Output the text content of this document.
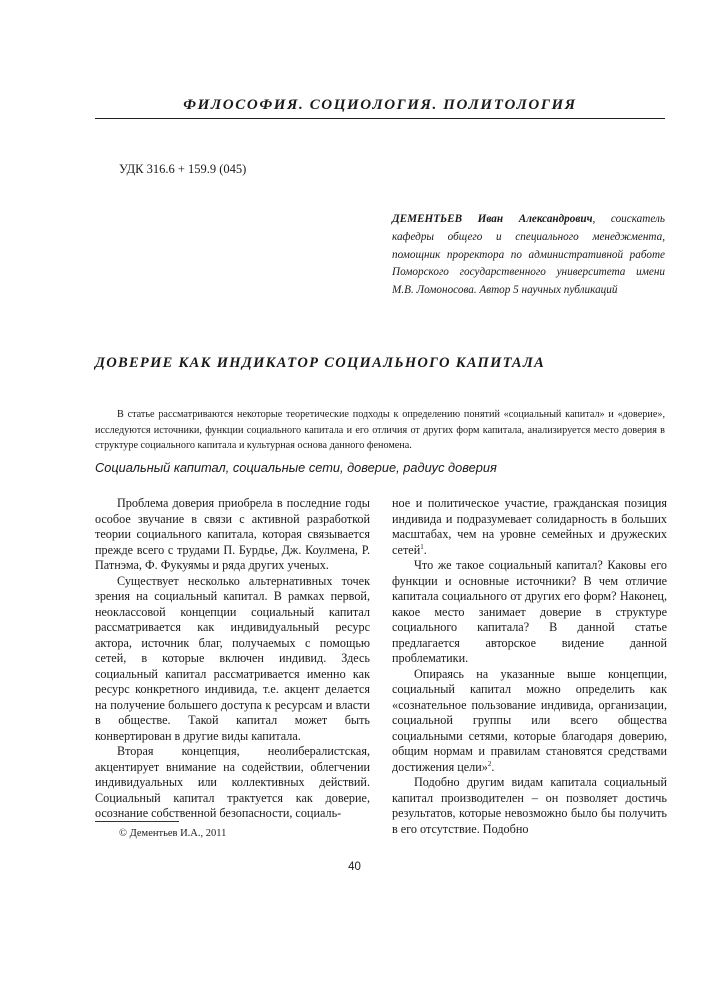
ФИЛОСОФИЯ. СОЦИОЛОГИЯ. ПОЛИТОЛОГИЯ
УДК 316.6 + 159.9 (045)
ДЕМЕНТЬЕВ Иван Александрович, соискатель кафедры общего и специального менеджмента, помощник проректора по административной работе Поморского государственного университета имени М.В. Ломоносова. Автор 5 научных публикаций
ДОВЕРИЕ КАК ИНДИКАТОР СОЦИАЛЬНОГО КАПИТАЛА
В статье рассматриваются некоторые теоретические подходы к определению понятий «социальный капитал» и «доверие», исследуются источники, функции социального капитала и его отличия от других форм капитала, анализируется место доверия в структуре социального капитала и культурная основа данного феномена.
Социальный капитал, социальные сети, доверие, радиус доверия

Проблема доверия приобрела в последние годы особое звучание в связи с активной разработкой теории социального капитала, которая связывается прежде всего с трудами П. Бурдье, Дж. Коулмена, Р. Патнэма, Ф. Фукуямы и ряда других ученых.

Существует несколько альтернативных точек зрения на социальный капитал. В рамках первой, неоклассовой концепции социальный капитал рассматривается как индивидуальный ресурс актора, источник благ, получаемых с помощью сетей, в которые включен индивид. Здесь социальный капитал рассматривается именно как ресурс конкретного индивида, т.е. акцент делается на получение большего доступа к ресурсам и власти в обществе. Такой капитал может быть конвертирован в другие виды капитала.

Вторая концепция, неолибералистская, акцентирует внимание на содействии, облегчении индивидуальных или коллективных действий. Социальный капитал трактуется как доверие, осознание собственной безопасности, социаль-

ное и политическое участие, гражданская позиция индивида и подразумевает солидарность в больших масштабах, чем на уровне семейных и дружеских сетей$^1$.

Что же такое социальный капитал? Каковы его функции и основные источники? В чем отличие капитала социального от других его форм? Наконец, какое место занимает доверие в структуре социального капитала? В данной статье предлагается авторское видение данной проблематики.

Опираясь на указанные выше концепции, социальный капитал можно определить как «сознательное пользование индивида, организации, социальной группы или всего общества социальными сетями, которые благодаря доверию, общим нормам и правилам становятся средствами достижения цели»$^2$.

Подобно другим видам капитала социальный капитал производителен – он позволяет достичь результатов, которые невозможно было бы получить в его отсутствие. Подобно

© Дементьев И.А., 2011
40
